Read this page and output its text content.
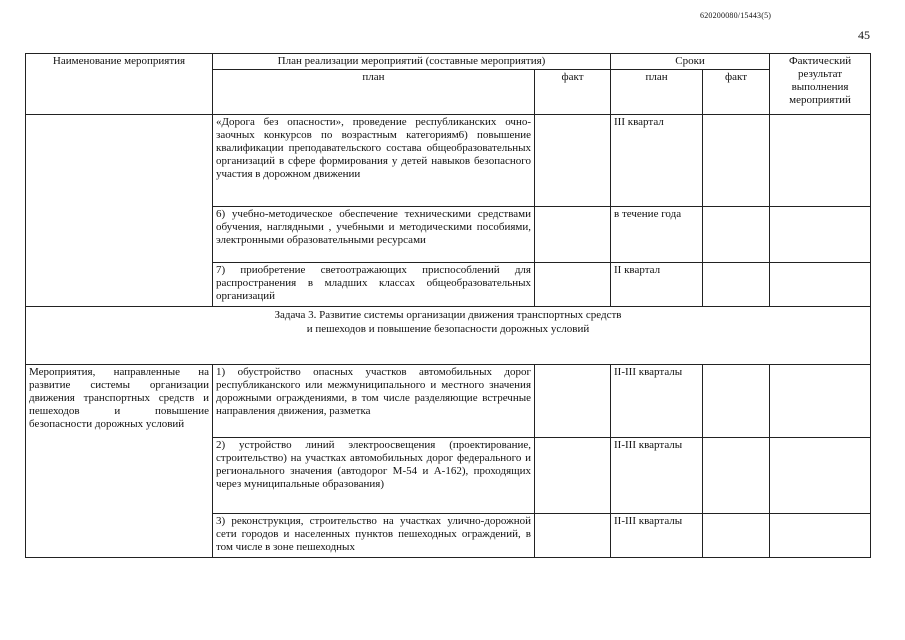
620200080/15443(5)
45
Наименование мероприятия	План реализации мероприятий (составные мероприятия)		Сроки		Фактический результат выполнения мероприятий
	план	факт	план	факт	
	«Дорога без опасности», проведение республиканских очно-заочных конкурсов по возрастным категориям6) повышение квалификации преподавательского состава общеобразовательных организаций в сфере формирования у детей навыков безопасного участия в дорожном движении		III квартал		
	6) учебно-методическое обеспечение техническими средствами обучения, наглядными , учебными и методическими пособиями, электронными образовательными ресурсами		в течение года		
	7) приобретение светоотражающих приспособлений для распространения в младших классах общеобразовательных организаций		II квартал		

Задача 3. Развитие системы организации движения транспортных средств
и пешеходов и повышение безопасности дорожных условий					

Мероприятия, направленные на развитие системы организации движения транспортных средств и пешеходов и повышение безопасности дорожных условий	1) обустройство опасных участков автомобильных дорог республиканского или межмуниципального и местного значения дорожными ограждениями, в том числе разделяющие встречные направления движения, разметка		II-III кварталы		
	2) устройство линий электроосвещения (проектирование, строительство) на участках автомобильных дорог федерального и регионального значения (автодорог М-54 и А-162), проходящих через муниципальные образования)		II-III кварталы		
	3) реконструкция, строительство на участках улично-дорожной сети городов и населенных пунктов пешеходных ограждений, в том числе в зоне пешеходных		II-III кварталы		
